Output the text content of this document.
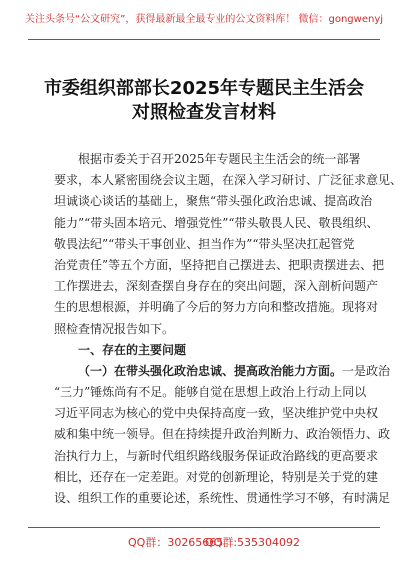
关注头条号“公文研究”，获得最新最全最专业的公文资料库！ 微信：gongwenyj
市委组织部部长2025年专题民主生活会
对照检查发言材料
根据市委关于召开2025年专题民主生活会的统一部署
要求，本人紧密围绕会议主题，在深入学习研讨、广泛征求意见、
坦诚谈心谈话的基础上，聚焦“带头强化政治忠诚、提高政治
能力”“带头固本培元、增强党性”“带头敬畏人民、敬畏组织、
敬畏法纪”“带头干事创业、担当作为”“带头坚决扛起管党
治党责任”等五个方面，坚持把自己摆进去、把职责摆进去、把
工作摆进去，深刻查摆自身存在的突出问题，深入剖析问题产
生的思想根源，并明确了今后的努力方向和整改措施。现将对
照检查情况报告如下。
一、存在的主要问题
（一）在带头强化政治忠诚、提高政治能力方面。一是政治
“三力”锤炼尚有不足。能够自觉在思想上政治上行动上同以
习近平同志为核心的党中央保持高度一致，坚决维护党中央权
威和集中统一领导。但在持续提升政治判断力、政治领悟力、政
治执行力上，与新时代组织路线服务保证政治路线的更高要求
相比，还存在一定差距。对党的创新理论，特别是关于党的建
设、组织工作的重要论述，系统性、贯通性学习不够，有时满足
QQ群：30265665
QQ群:535304092
